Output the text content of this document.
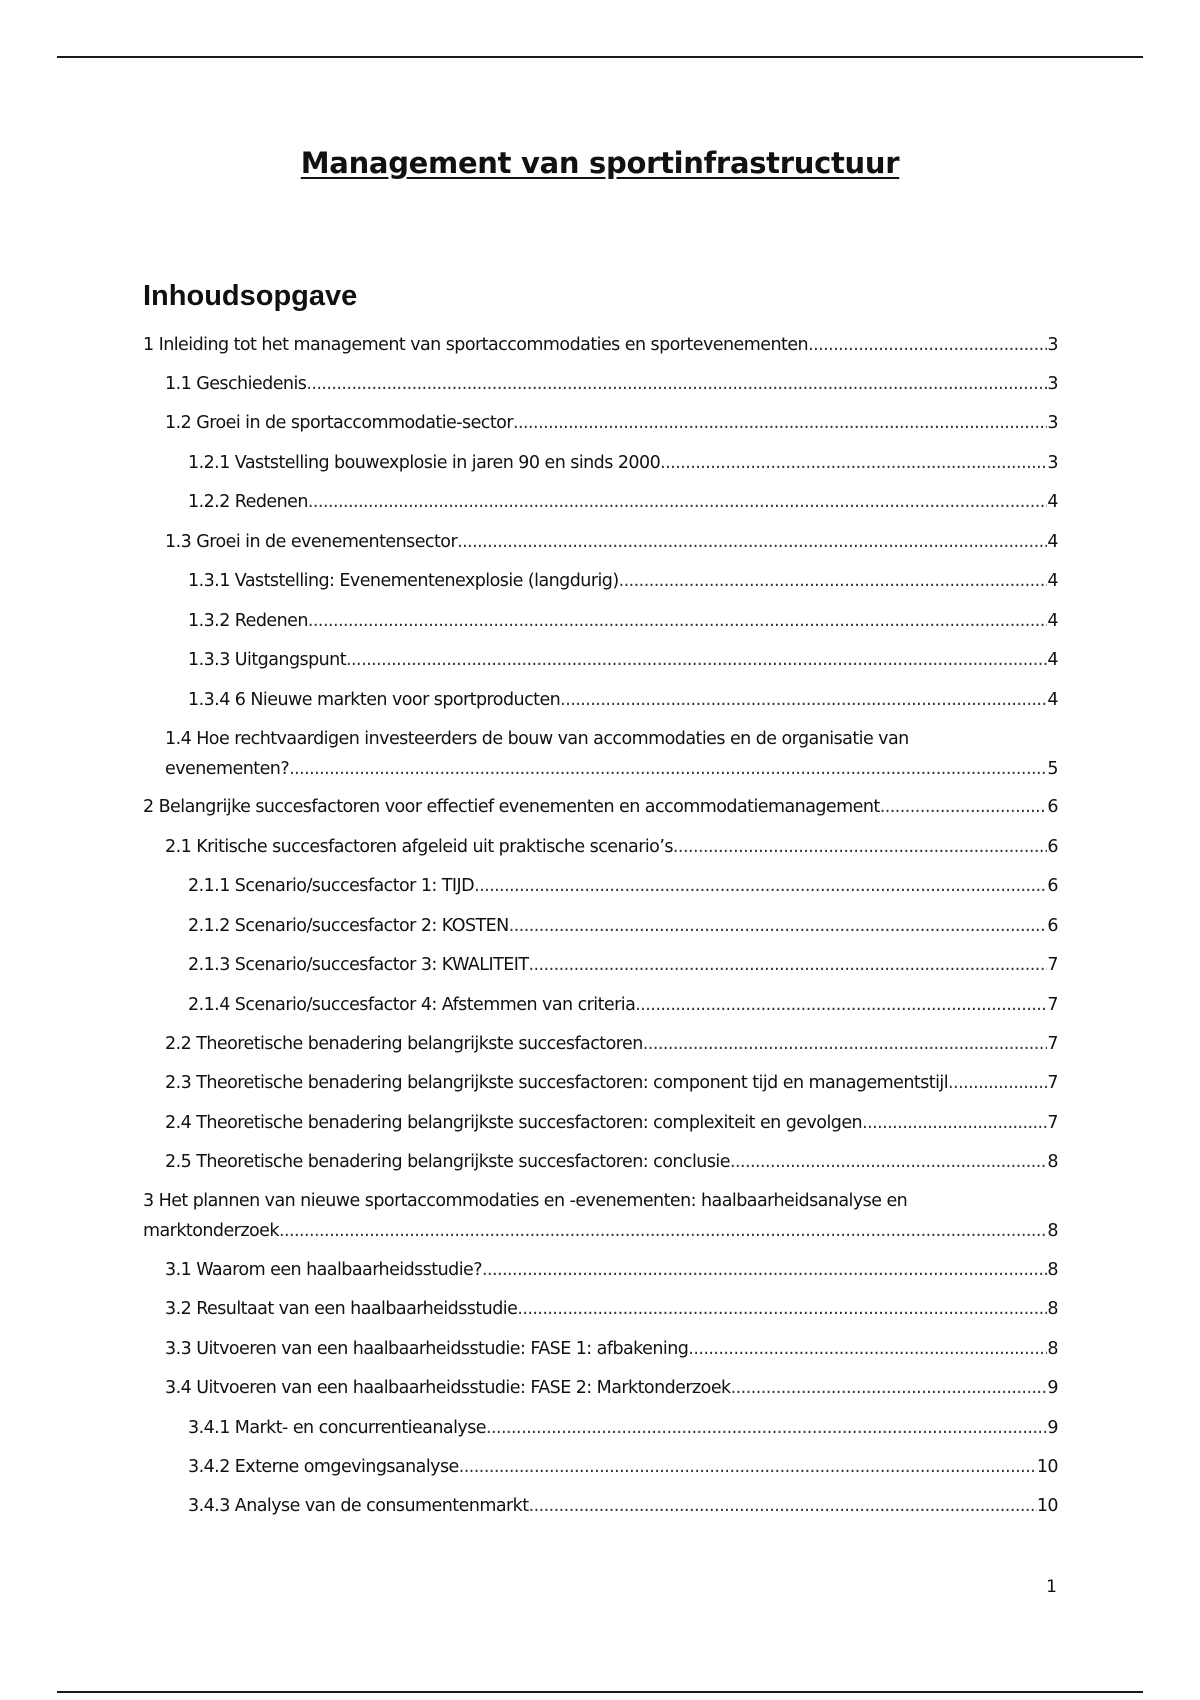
Management van sportinfrastructuur
Inhoudsopgave
1 Inleiding tot het management van sportaccommodaties en sportevenementen .....	3
1.1 Geschiedenis .....	3
1.2 Groei in de sportaccommodatie-sector .....	3
1.2.1 Vaststelling bouwexplosie in jaren 90 en sinds 2000 .....	3
1.2.2 Redenen .....	4
1.3 Groei in de evenementensector .....	4
1.3.1 Vaststelling: Evenementenexplosie (langdurig) .....	4
1.3.2 Redenen .....	4
1.3.3 Uitgangspunt .....	4
1.3.4 6 Nieuwe markten voor sportproducten .....	4
1.4 Hoe rechtvaardigen investeerders de bouw van accommodaties en de organisatie van
evenementen? .....	5
2 Belangrijke succesfactoren voor effectief evenementen en accommodatiemanagement .....	6
2.1 Kritische succesfactoren afgeleid uit praktische scenario’s .....	6
2.1.1 Scenario/succesfactor 1: TIJD .....	6
2.1.2 Scenario/succesfactor 2: KOSTEN .....	6
2.1.3 Scenario/succesfactor 3: KWALITEIT .....	7
2.1.4 Scenario/succesfactor 4: Afstemmen van criteria .....	7
2.2 Theoretische benadering belangrijkste succesfactoren .....	7
2.3 Theoretische benadering belangrijkste succesfactoren: component tijd en managementstijl .....	7
2.4 Theoretische benadering belangrijkste succesfactoren: complexiteit en gevolgen .....	7
2.5 Theoretische benadering belangrijkste succesfactoren: conclusie .....	8
3 Het plannen van nieuwe sportaccommodaties en -evenementen: haalbaarheidsanalyse en
marktonderzoek .....	8
3.1 Waarom een haalbaarheidsstudie? .....	8
3.2 Resultaat van een haalbaarheidsstudie .....	8
3.3 Uitvoeren van een haalbaarheidsstudie: FASE 1: afbakening .....	8
3.4 Uitvoeren van een haalbaarheidsstudie: FASE 2: Marktonderzoek .....	9
3.4.1 Markt- en concurrentieanalyse .....	9
3.4.2 Externe omgevingsanalyse .....	10
3.4.3 Analyse van de consumentenmarkt .....	10
1
